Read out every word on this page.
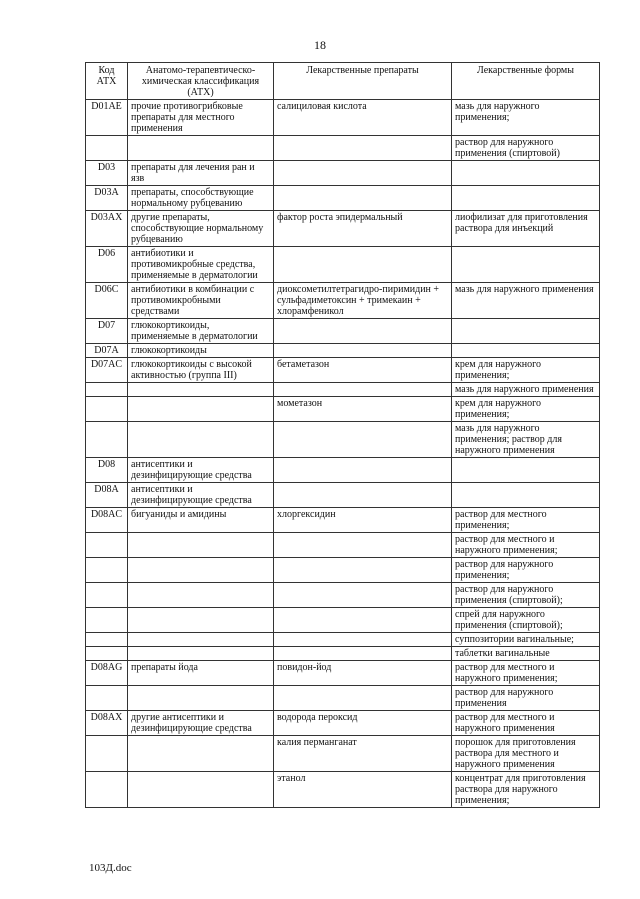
18
Код АТХ	Анатомо-терапевтическо-химическая классификация (АТХ)	Лекарственные препараты	Лекарственные формы
D01AE	прочие противогрибковые препараты для местного применения	салициловая кислота	мазь для наружного применения;
			раствор для наружного применения (спиртовой)
D03	препараты для лечения ран и язв		
D03A	препараты, способствующие нормальному рубцеванию		
D03AX	другие препараты, способствующие нормальному рубцеванию	фактор роста эпидермальный	лиофилизат для приготовления раствора для инъекций
D06	антибиотики и противомикробные средства, применяемые в дерматологии		
D06C	антибиотики в комбинации с противомикробными средствами	диоксометилтетрагидро-пиримидин + сульфадиметоксин + тримекаин + хлорамфеникол	мазь для наружного применения
D07	глюкокортикоиды, применяемые в дерматологии		
D07A	глюкокортикоиды		
D07AC	глюкокортикоиды с высокой активностью (группа III)	бетаметазон	крем для наружного применения;
			мазь для наружного применения
		мометазон	крем для наружного применения;
			мазь для наружного применения; раствор для наружного применения
D08	антисептики и дезинфицирующие средства		
D08A	антисептики и дезинфицирующие средства		
D08AC	бигуаниды и амидины	хлоргексидин	раствор для местного применения;
			раствор для местного и наружного применения;
			раствор для наружного применения;
			раствор для наружного применения (спиртовой);
			спрей для наружного применения (спиртовой);
			суппозитории вагинальные;
			таблетки вагинальные
D08AG	препараты йода	повидон-йод	раствор для местного и наружного применения;
			раствор для наружного применения
D08AX	другие антисептики и дезинфицирующие средства	водорода пероксид	раствор для местного и наружного применения
		калия перманганат	порошок для приготовления раствора для местного и наружного применения
		этанол	концентрат для приготовления раствора для наружного применения;
103Д.doc
